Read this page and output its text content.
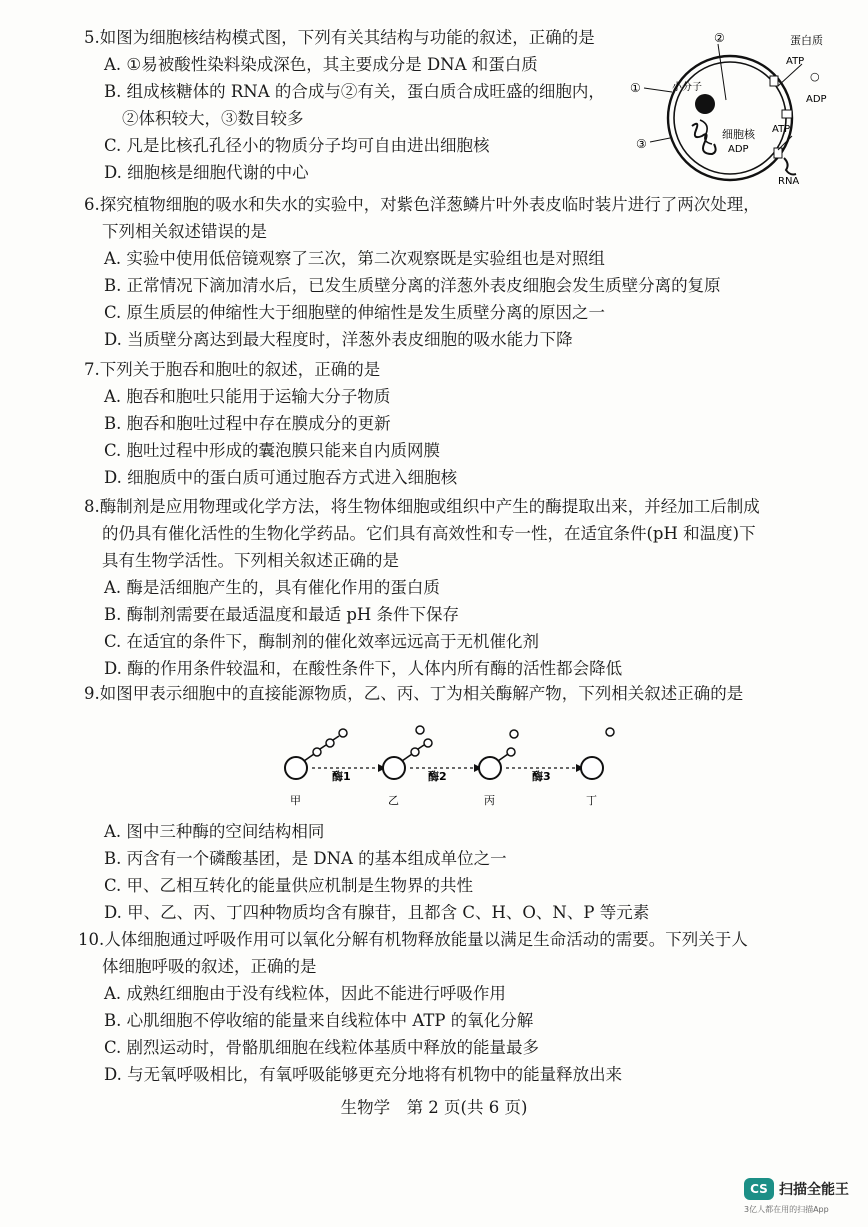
5.如图为细胞核结构模式图，下列有关其结构与功能的叙述，正确的是
A. ①易被酸性染料染成深色，其主要成分是 DNA 和蛋白质
B. 组成核糖体的 RNA 的合成与②有关，蛋白质合成旺盛的细胞内，
②体积较大，③数目较多
C. 凡是比核孔孔径小的物质分子均可自由进出细胞核
D. 细胞核是细胞代谢的中心
②
①
③
蛋白质
ATP
○
ADP
小分子
ATP
细胞核
ADP
RNA
6.探究植物细胞的吸水和失水的实验中，对紫色洋葱鳞片叶外表皮临时装片进行了两次处理，
下列相关叙述错误的是
A. 实验中使用低倍镜观察了三次，第二次观察既是实验组也是对照组
B. 正常情况下滴加清水后，已发生质壁分离的洋葱外表皮细胞会发生质壁分离的复原
C. 原生质层的伸缩性大于细胞壁的伸缩性是发生质壁分离的原因之一
D. 当质壁分离达到最大程度时，洋葱外表皮细胞的吸水能力下降
7.下列关于胞吞和胞吐的叙述，正确的是
A. 胞吞和胞吐只能用于运输大分子物质
B. 胞吞和胞吐过程中存在膜成分的更新
C. 胞吐过程中形成的囊泡膜只能来自内质网膜
D. 细胞质中的蛋白质可通过胞吞方式进入细胞核
8.酶制剂是应用物理或化学方法，将生物体细胞或组织中产生的酶提取出来，并经加工后制成
的仍具有催化活性的生物化学药品。它们具有高效性和专一性，在适宜条件(pH 和温度)下
具有生物学活性。下列相关叙述正确的是
A. 酶是活细胞产生的，具有催化作用的蛋白质
B. 酶制剂需要在最适温度和最适 pH 条件下保存
C. 在适宜的条件下，酶制剂的催化效率远远高于无机催化剂
D. 酶的作用条件较温和，在酸性条件下，人体内所有酶的活性都会降低
9.如图甲表示细胞中的直接能源物质，乙、丙、丁为相关酶解产物，下列相关叙述正确的是
酶1	酶2	酶3
甲	乙	丙	丁
A. 图中三种酶的空间结构相同
B. 丙含有一个磷酸基团，是 DNA 的基本组成单位之一
C. 甲、乙相互转化的能量供应机制是生物界的共性
D. 甲、乙、丙、丁四种物质均含有腺苷，且都含 C、H、O、N、P 等元素
10.人体细胞通过呼吸作用可以氧化分解有机物释放能量以满足生命活动的需要。下列关于人
体细胞呼吸的叙述，正确的是
A. 成熟红细胞由于没有线粒体，因此不能进行呼吸作用
B. 心肌细胞不停收缩的能量来自线粒体中 ATP 的氧化分解
C. 剧烈运动时，骨骼肌细胞在线粒体基质中释放的能量最多
D. 与无氧呼吸相比，有氧呼吸能够更充分地将有机物中的能量释放出来
生物学　第 2 页(共 6 页)
CS 扫描全能王
3亿人都在用的扫描App
